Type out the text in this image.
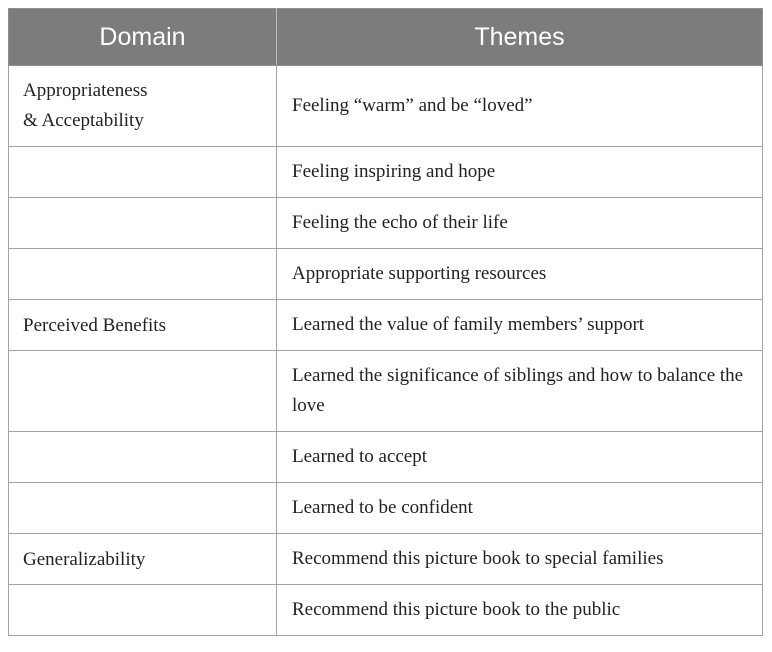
Domain	Themes

Appropriateness
& Acceptability	Feeling “warm” and be “loved”

	Feeling inspiring and hope

	Feeling the echo of their life

	Appropriate supporting resources

Perceived Benefits	Learned the value of family members’ support

	Learned the significance of siblings and how to balance the love

	Learned to accept

	Learned to be confident

Generalizability	Recommend this picture book to special families

	Recommend this picture book to the public
